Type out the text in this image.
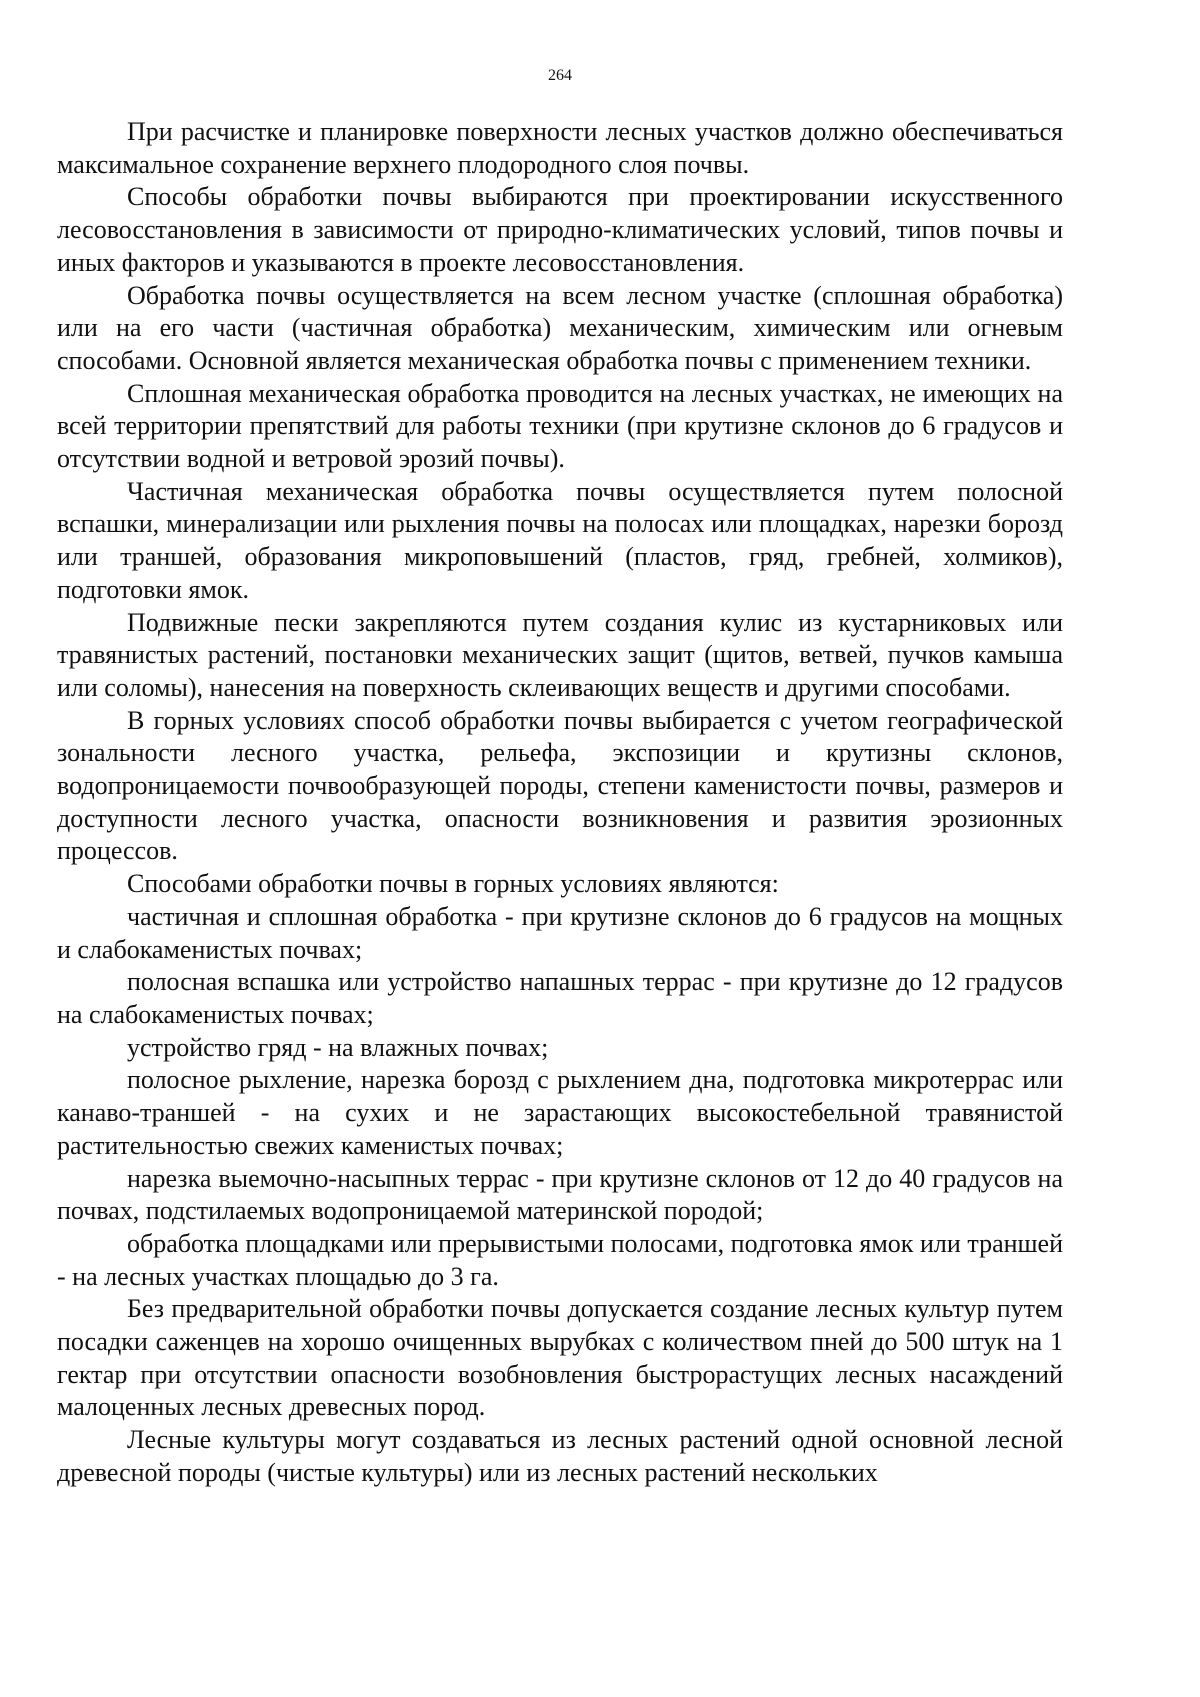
264

При расчистке и планировке поверхности лесных участков должно обеспечиваться максимальное сохранение верхнего плодородного слоя почвы.

Способы обработки почвы выбираются при проектировании искусственного лесовосстановления в зависимости от природно-климатических условий, типов почвы и иных факторов и указываются в проекте лесовосстановления.

Обработка почвы осуществляется на всем лесном участке (сплошная обработка) или на его части (частичная обработка) механическим, химическим или огневым способами. Основной является механическая обработка почвы с применением техники.

Сплошная механическая обработка проводится на лесных участках, не имеющих на всей территории препятствий для работы техники (при крутизне склонов до 6 градусов и отсутствии водной и ветровой эрозий почвы).

Частичная механическая обработка почвы осуществляется путем полосной вспашки, минерализации или рыхления почвы на полосах или площадках, нарезки борозд или траншей, образования микроповышений (пластов, гряд, гребней, холмиков), подготовки ямок.

Подвижные пески закрепляются путем создания кулис из кустарниковых или травянистых растений, постановки механических защит (щитов, ветвей, пучков камыша или соломы), нанесения на поверхность склеивающих веществ и другими способами.

В горных условиях способ обработки почвы выбирается с учетом географической зональности лесного участка, рельефа, экспозиции и крутизны склонов, водопроницаемости почвообразующей породы, степени каменистости почвы, размеров и доступности лесного участка, опасности возникновения и развития эрозионных процессов.

Способами обработки почвы в горных условиях являются:

частичная и сплошная обработка - при крутизне склонов до 6 градусов на мощных и слабокаменистых почвах;

полосная вспашка или устройство напашных террас - при крутизне до 12 градусов на слабокаменистых почвах;

устройство гряд - на влажных почвах;

полосное рыхление, нарезка борозд с рыхлением дна, подготовка микротеррас или канаво-траншей - на сухих и не зарастающих высокостебельной травянистой растительностью свежих каменистых почвах;

нарезка выемочно-насыпных террас - при крутизне склонов от 12 до 40 градусов на почвах, подстилаемых водопроницаемой материнской породой;

обработка площадками или прерывистыми полосами, подготовка ямок или траншей - на лесных участках площадью до 3 га.

Без предварительной обработки почвы допускается создание лесных культур путем посадки саженцев на хорошо очищенных вырубках с количеством пней до 500 штук на 1 гектар при отсутствии опасности возобновления быстрорастущих лесных насаждений малоценных лесных древесных пород.

Лесные культуры могут создаваться из лесных растений одной основной лесной древесной породы (чистые культуры) или из лесных растений нескольких
